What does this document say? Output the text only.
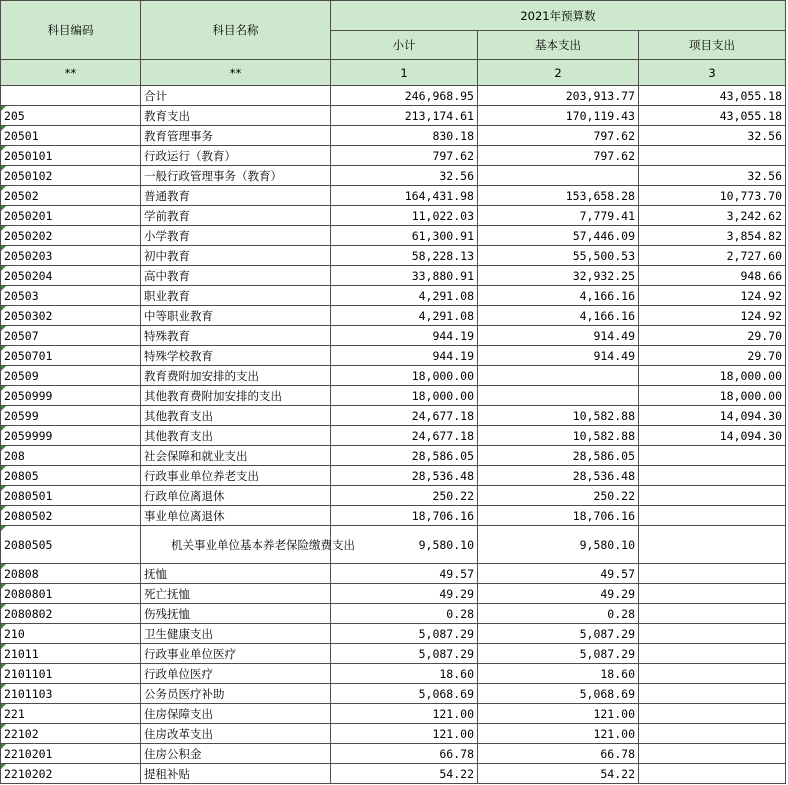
科目编码	科目名称	2021年预算数		
		小计	基本支出	项目支出
**	**	1	2	3
	合计	246,968.95	203,913.77	43,055.18
205	教育支出	213,174.61	170,119.43	43,055.18
20501	教育管理事务	830.18	797.62	32.56
2050101	行政运行（教育）	797.62	797.62	
2050102	一般行政管理事务（教育）	32.56		32.56
20502	普通教育	164,431.98	153,658.28	10,773.70
2050201	学前教育	11,022.03	7,779.41	3,242.62
2050202	小学教育	61,300.91	57,446.09	3,854.82
2050203	初中教育	58,228.13	55,500.53	2,727.60
2050204	高中教育	33,880.91	32,932.25	948.66
20503	职业教育	4,291.08	4,166.16	124.92
2050302	中等职业教育	4,291.08	4,166.16	124.92
20507	特殊教育	944.19	914.49	29.70
2050701	特殊学校教育	944.19	914.49	29.70
20509	教育费附加安排的支出	18,000.00		18,000.00
2050999	其他教育费附加安排的支出	18,000.00		18,000.00
20599	其他教育支出	24,677.18	10,582.88	14,094.30
2059999	其他教育支出	24,677.18	10,582.88	14,094.30
208	社会保障和就业支出	28,586.05	28,586.05	
20805	行政事业单位养老支出	28,536.48	28,536.48	
2080501	行政单位离退休	250.22	250.22	
2080502	事业单位离退休	18,706.16	18,706.16	
2080505	机关事业单位基本养老保险缴费支出	9,580.10	9,580.10	
20808	抚恤	49.57	49.57	
2080801	死亡抚恤	49.29	49.29	
2080802	伤残抚恤	0.28	0.28	
210	卫生健康支出	5,087.29	5,087.29	
21011	行政事业单位医疗	5,087.29	5,087.29	
2101101	行政单位医疗	18.60	18.60	
2101103	公务员医疗补助	5,068.69	5,068.69	
221	住房保障支出	121.00	121.00	
22102	住房改革支出	121.00	121.00	
2210201	住房公积金	66.78	66.78	
2210202	提租补贴	54.22	54.22	
